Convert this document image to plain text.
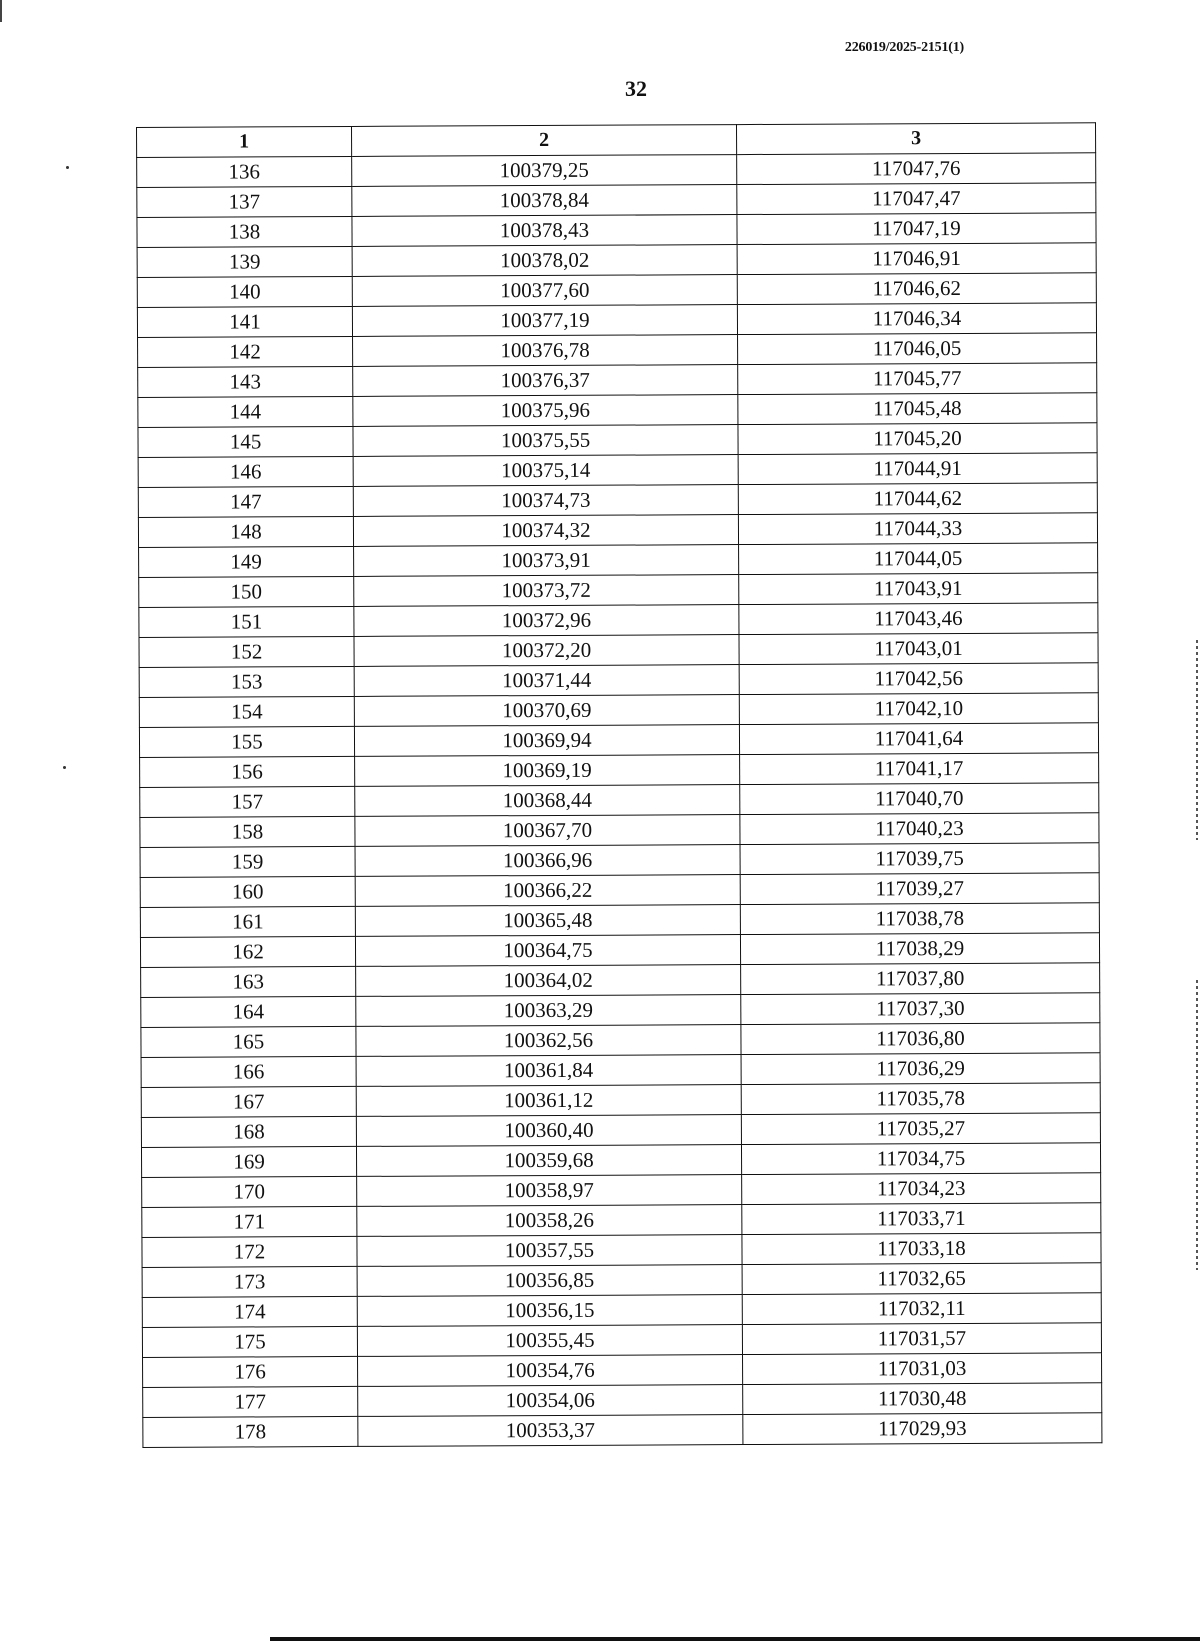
226019/2025-2151(1)
32
1	2	3
136	100379,25	117047,76
137	100378,84	117047,47
138	100378,43	117047,19
139	100378,02	117046,91
140	100377,60	117046,62
141	100377,19	117046,34
142	100376,78	117046,05
143	100376,37	117045,77
144	100375,96	117045,48
145	100375,55	117045,20
146	100375,14	117044,91
147	100374,73	117044,62
148	100374,32	117044,33
149	100373,91	117044,05
150	100373,72	117043,91
151	100372,96	117043,46
152	100372,20	117043,01
153	100371,44	117042,56
154	100370,69	117042,10
155	100369,94	117041,64
156	100369,19	117041,17
157	100368,44	117040,70
158	100367,70	117040,23
159	100366,96	117039,75
160	100366,22	117039,27
161	100365,48	117038,78
162	100364,75	117038,29
163	100364,02	117037,80
164	100363,29	117037,30
165	100362,56	117036,80
166	100361,84	117036,29
167	100361,12	117035,78
168	100360,40	117035,27
169	100359,68	117034,75
170	100358,97	117034,23
171	100358,26	117033,71
172	100357,55	117033,18
173	100356,85	117032,65
174	100356,15	117032,11
175	100355,45	117031,57
176	100354,76	117031,03
177	100354,06	117030,48
178	100353,37	117029,93
